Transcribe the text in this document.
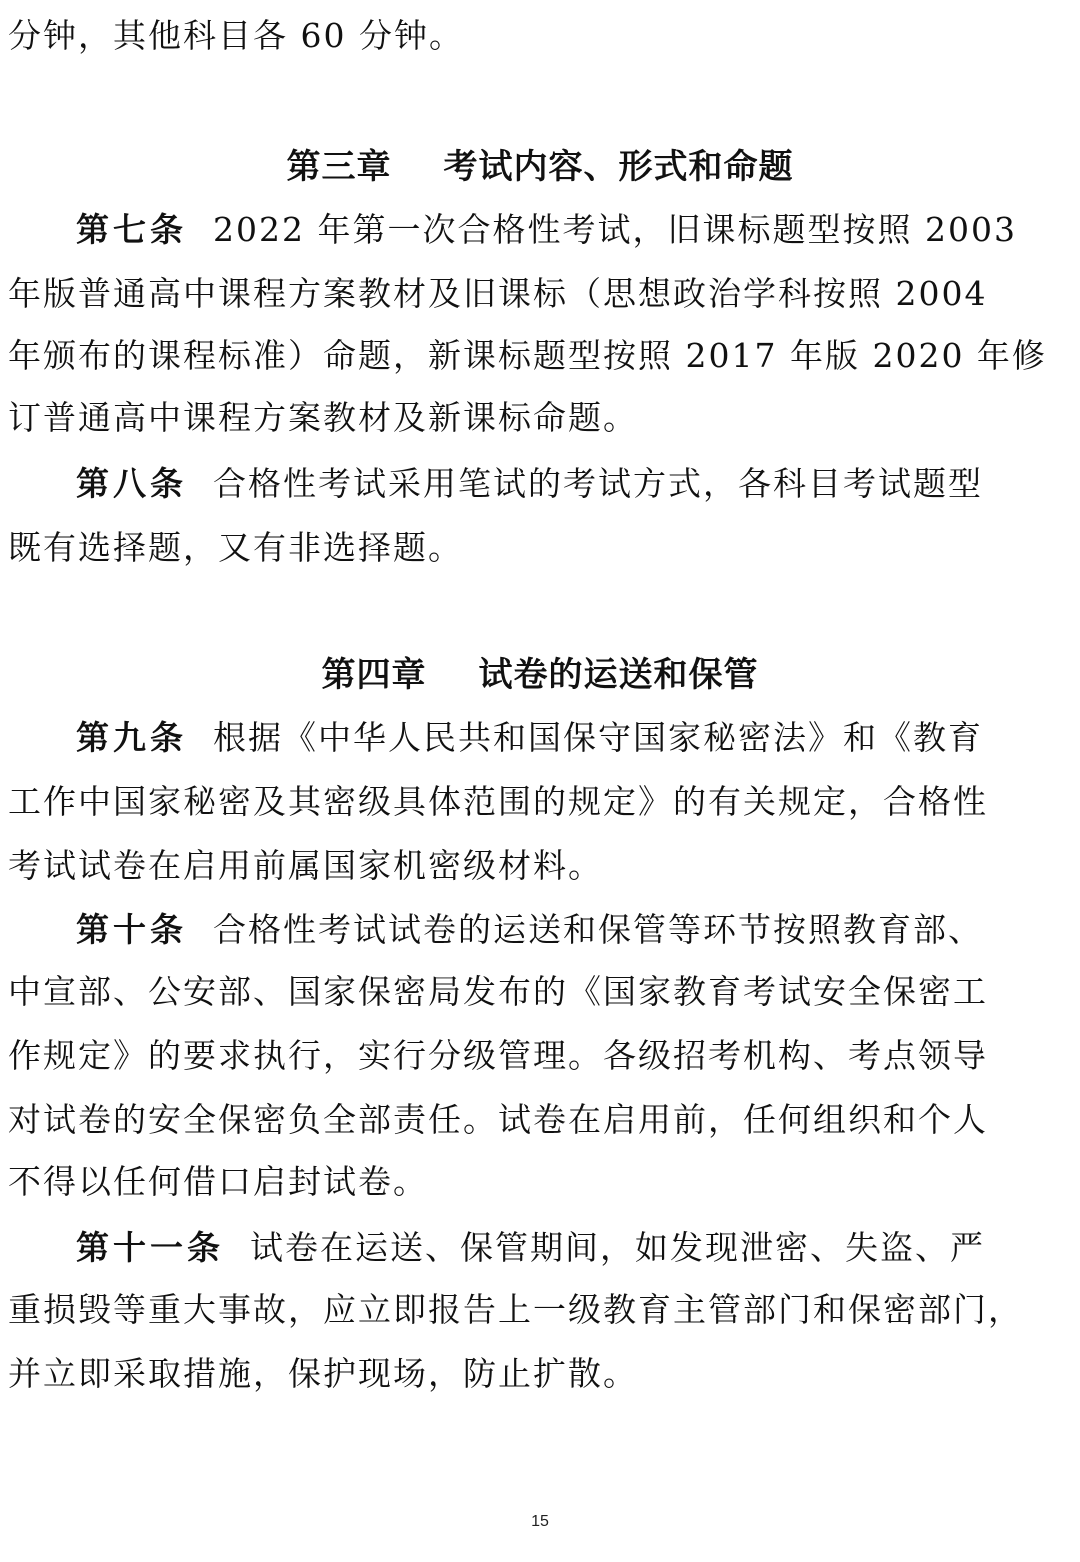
分钟，其他科目各 60 分钟。
第三章 考试内容、形式和命题
第七条 2022 年第一次合格性考试，旧课标题型按照 2003
年版普通高中课程方案教材及旧课标（思想政治学科按照 2004
年颁布的课程标准）命题，新课标题型按照 2017 年版 2020 年修
订普通高中课程方案教材及新课标命题。
第八条 合格性考试采用笔试的考试方式，各科目考试题型
既有选择题，又有非选择题。
第四章 试卷的运送和保管
第九条 根据《中华人民共和国保守国家秘密法》和《教育
工作中国家秘密及其密级具体范围的规定》的有关规定，合格性
考试试卷在启用前属国家机密级材料。
第十条 合格性考试试卷的运送和保管等环节按照教育部、
中宣部、公安部、国家保密局发布的《国家教育考试安全保密工
作规定》的要求执行，实行分级管理。各级招考机构、考点领导
对试卷的安全保密负全部责任。试卷在启用前，任何组织和个人
不得以任何借口启封试卷。
第十一条 试卷在运送、保管期间，如发现泄密、失盗、严
重损毁等重大事故，应立即报告上一级教育主管部门和保密部门，
并立即采取措施，保护现场，防止扩散。
15
